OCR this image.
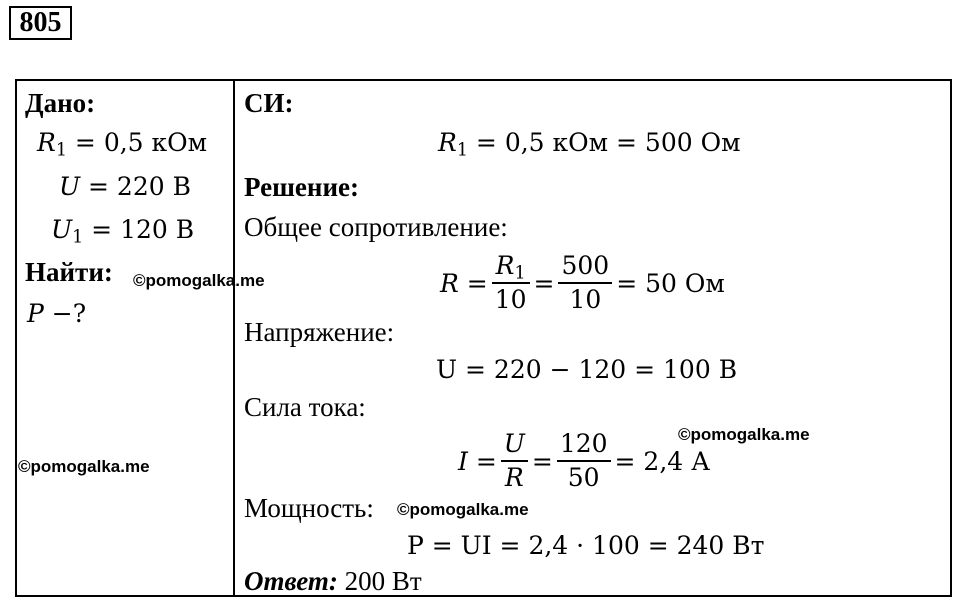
805
Дано:
$R_1 = 0,5$ кОм
U = 220 В
$U_1 = 120$ В
Найти:
P −?
СИ:
$R_1 = 0,5$ кОм = 500 Ом
Решение:
Общее сопротивление:
$R = \frac{R_1}{10} = \frac{500}{10} = 50$ Ом
Напряжение:
U = 220 − 120 = 100 В
Сила тока:
$I = \frac{U}{R} = \frac{120}{50} = 2,4$ А
Мощность:
P = UI = 2,4 · 100 = 240 Вт
Ответ: 200 Вт
©pomogalka.me
©pomogalka.me
©pomogalka.me
©pomogalka.me
